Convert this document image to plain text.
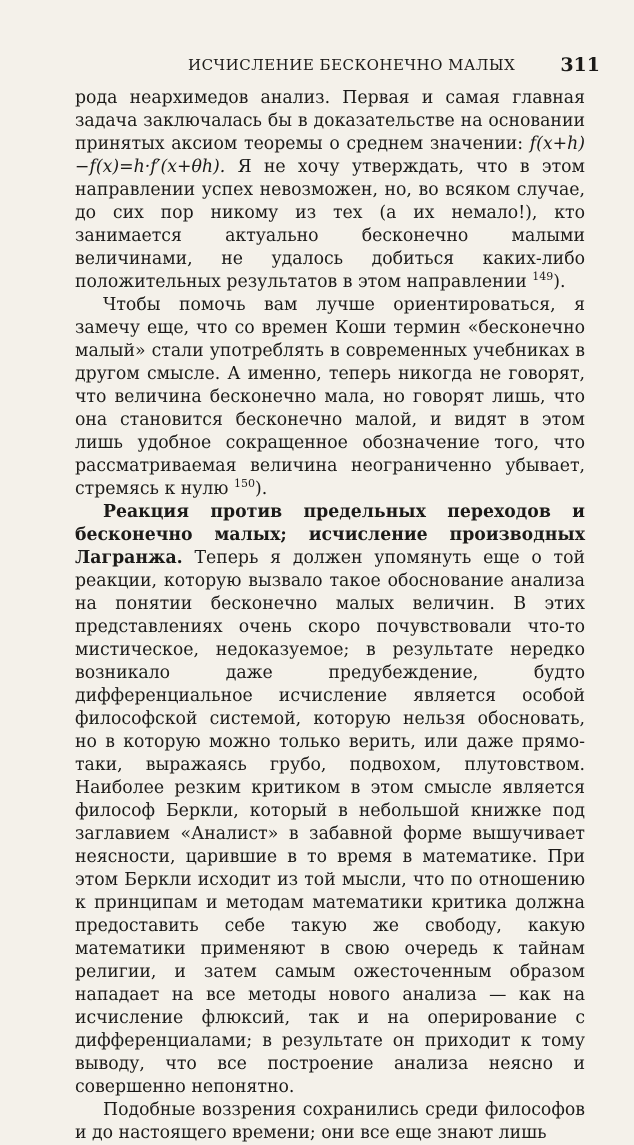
ИСЧИСЛЕНИЕ БЕСКОНЕЧНО МАЛЫХ 311

рода неархимедов анализ. Первая и самая главная задача заключалась бы в доказательстве на основании принятых аксиом теоремы о среднем значении: f(x+h)−f(x)=h·f′(x+θh). Я не хочу утверждать, что в этом направлении успех невозможен, но, во всяком случае, до сих пор никому из тех (а их немало!), кто занимается актуально бесконечно малыми величинами, не удалось добиться каких-либо положительных результатов в этом направлении $^{149}$).

Чтобы помочь вам лучше ориентироваться, я замечу еще, что со времен Коши термин «бесконечно малый» стали употреблять в современных учебниках в другом смысле. А именно, теперь никогда не говорят, что величина бесконечно мала, но говорят лишь, что она становится бесконечно малой, и видят в этом лишь удобное сокращенное обозначение того, что рассматриваемая величина неограниченно убывает, стремясь к нулю $^{150}$).

Реакция против предельных переходов и бесконечно малых; исчисление производных Лагранжа. Теперь я должен упомянуть еще о той реакции, которую вызвало такое обоснование анализа на понятии бесконечно малых величин. В этих представлениях очень скоро почувствовали что-то мистическое, недоказуемое; в результате нередко возникало даже предубеждение, будто дифференциальное исчисление является особой философской системой, которую нельзя обосновать, но в которую можно только верить, или даже прямо-таки, выражаясь грубо, подвохом, плутовством. Наиболее резким критиком в этом смысле является философ Беркли, который в небольшой книжке под заглавием «Аналист» в забавной форме вышучивает неясности, царившие в то время в математике. При этом Беркли исходит из той мысли, что по отношению к принципам и методам математики критика должна предоставить себе такую же свободу, какую математики применяют в свою очередь к тайнам религии, и затем самым ожесточенным образом нападает на все методы нового анализа — как на исчисление флюксий, так и на оперирование с дифференциалами; в результате он приходит к тому выводу, что все построение анализа неясно и совершенно непонятно.

Подобные воззрения сохранились среди философов и до настоящего времени; они все еще знают лишь
